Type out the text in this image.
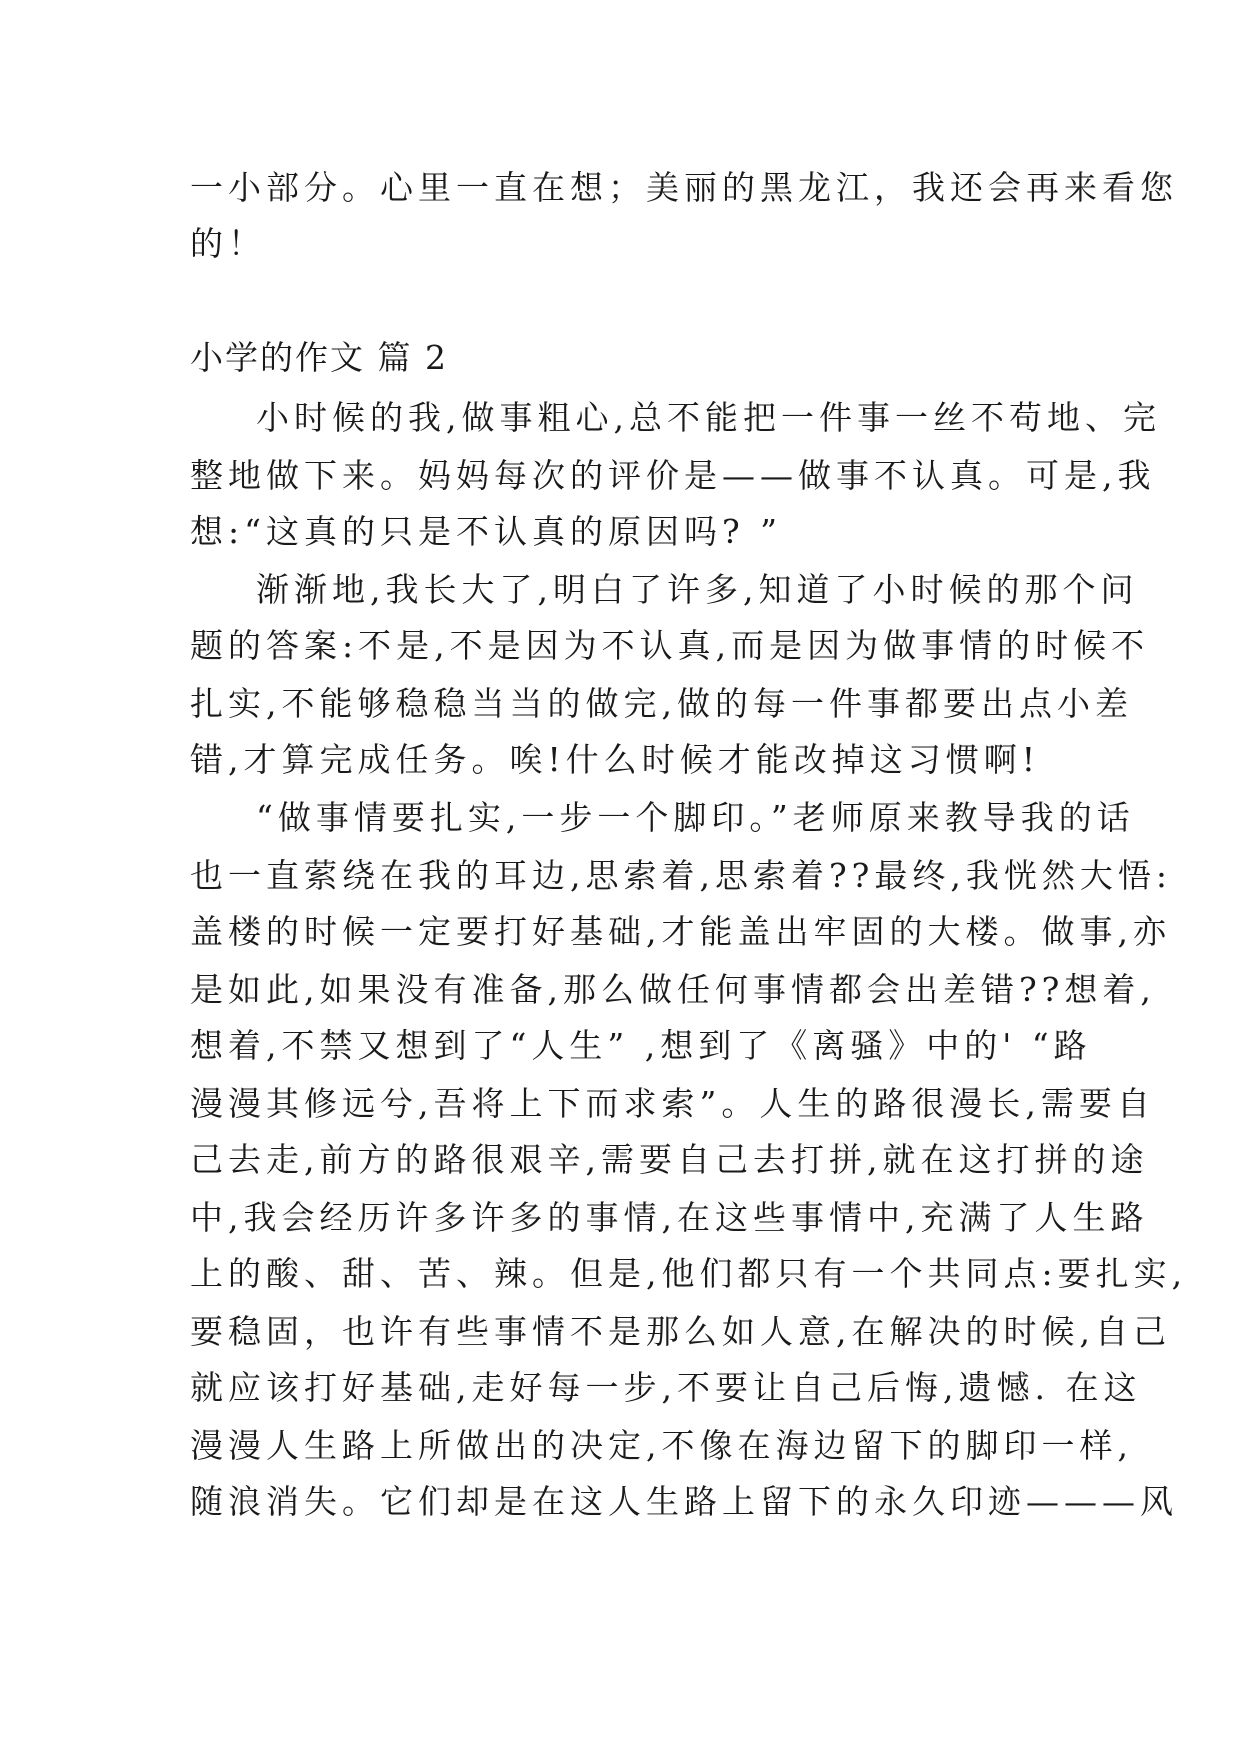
一小部分。心里一直在想；美丽的黑龙江，我还会再来看您
的！
小学的作文 篇 2
小时候的我,做事粗心,总不能把一件事一丝不苟地、完
整地做下来。妈妈每次的评价是——做事不认真。可是,我
想:“这真的只是不认真的原因吗? ”
渐渐地,我长大了,明白了许多,知道了小时候的那个问
题的答案:不是,不是因为不认真,而是因为做事情的时候不
扎实,不能够稳稳当当的做完,做的每一件事都要出点小差
错,才算完成任务。唉!什么时候才能改掉这习惯啊!
“做事情要扎实,一步一个脚印。”老师原来教导我的话
也一直萦绕在我的耳边,思索着,思索着??最终,我恍然大悟:
盖楼的时候一定要打好基础,才能盖出牢固的大楼。做事,亦
是如此,如果没有准备,那么做任何事情都会出差错??想着,
想着,不禁又想到了“人生” ,想到了《离骚》中的' “路
漫漫其修远兮,吾将上下而求索”。人生的路很漫长,需要自
己去走,前方的路很艰辛,需要自己去打拼,就在这打拼的途
中,我会经历许多许多的事情,在这些事情中,充满了人生路
上的酸、甜、苦、辣。但是,他们都只有一个共同点:要扎实,
要稳固，也许有些事情不是那么如人意,在解决的时候,自己
就应该打好基础,走好每一步,不要让自己后悔,遗憾. 在这
漫漫人生路上所做出的决定,不像在海边留下的脚印一样,
随浪消失。它们却是在这人生路上留下的永久印迹———风
